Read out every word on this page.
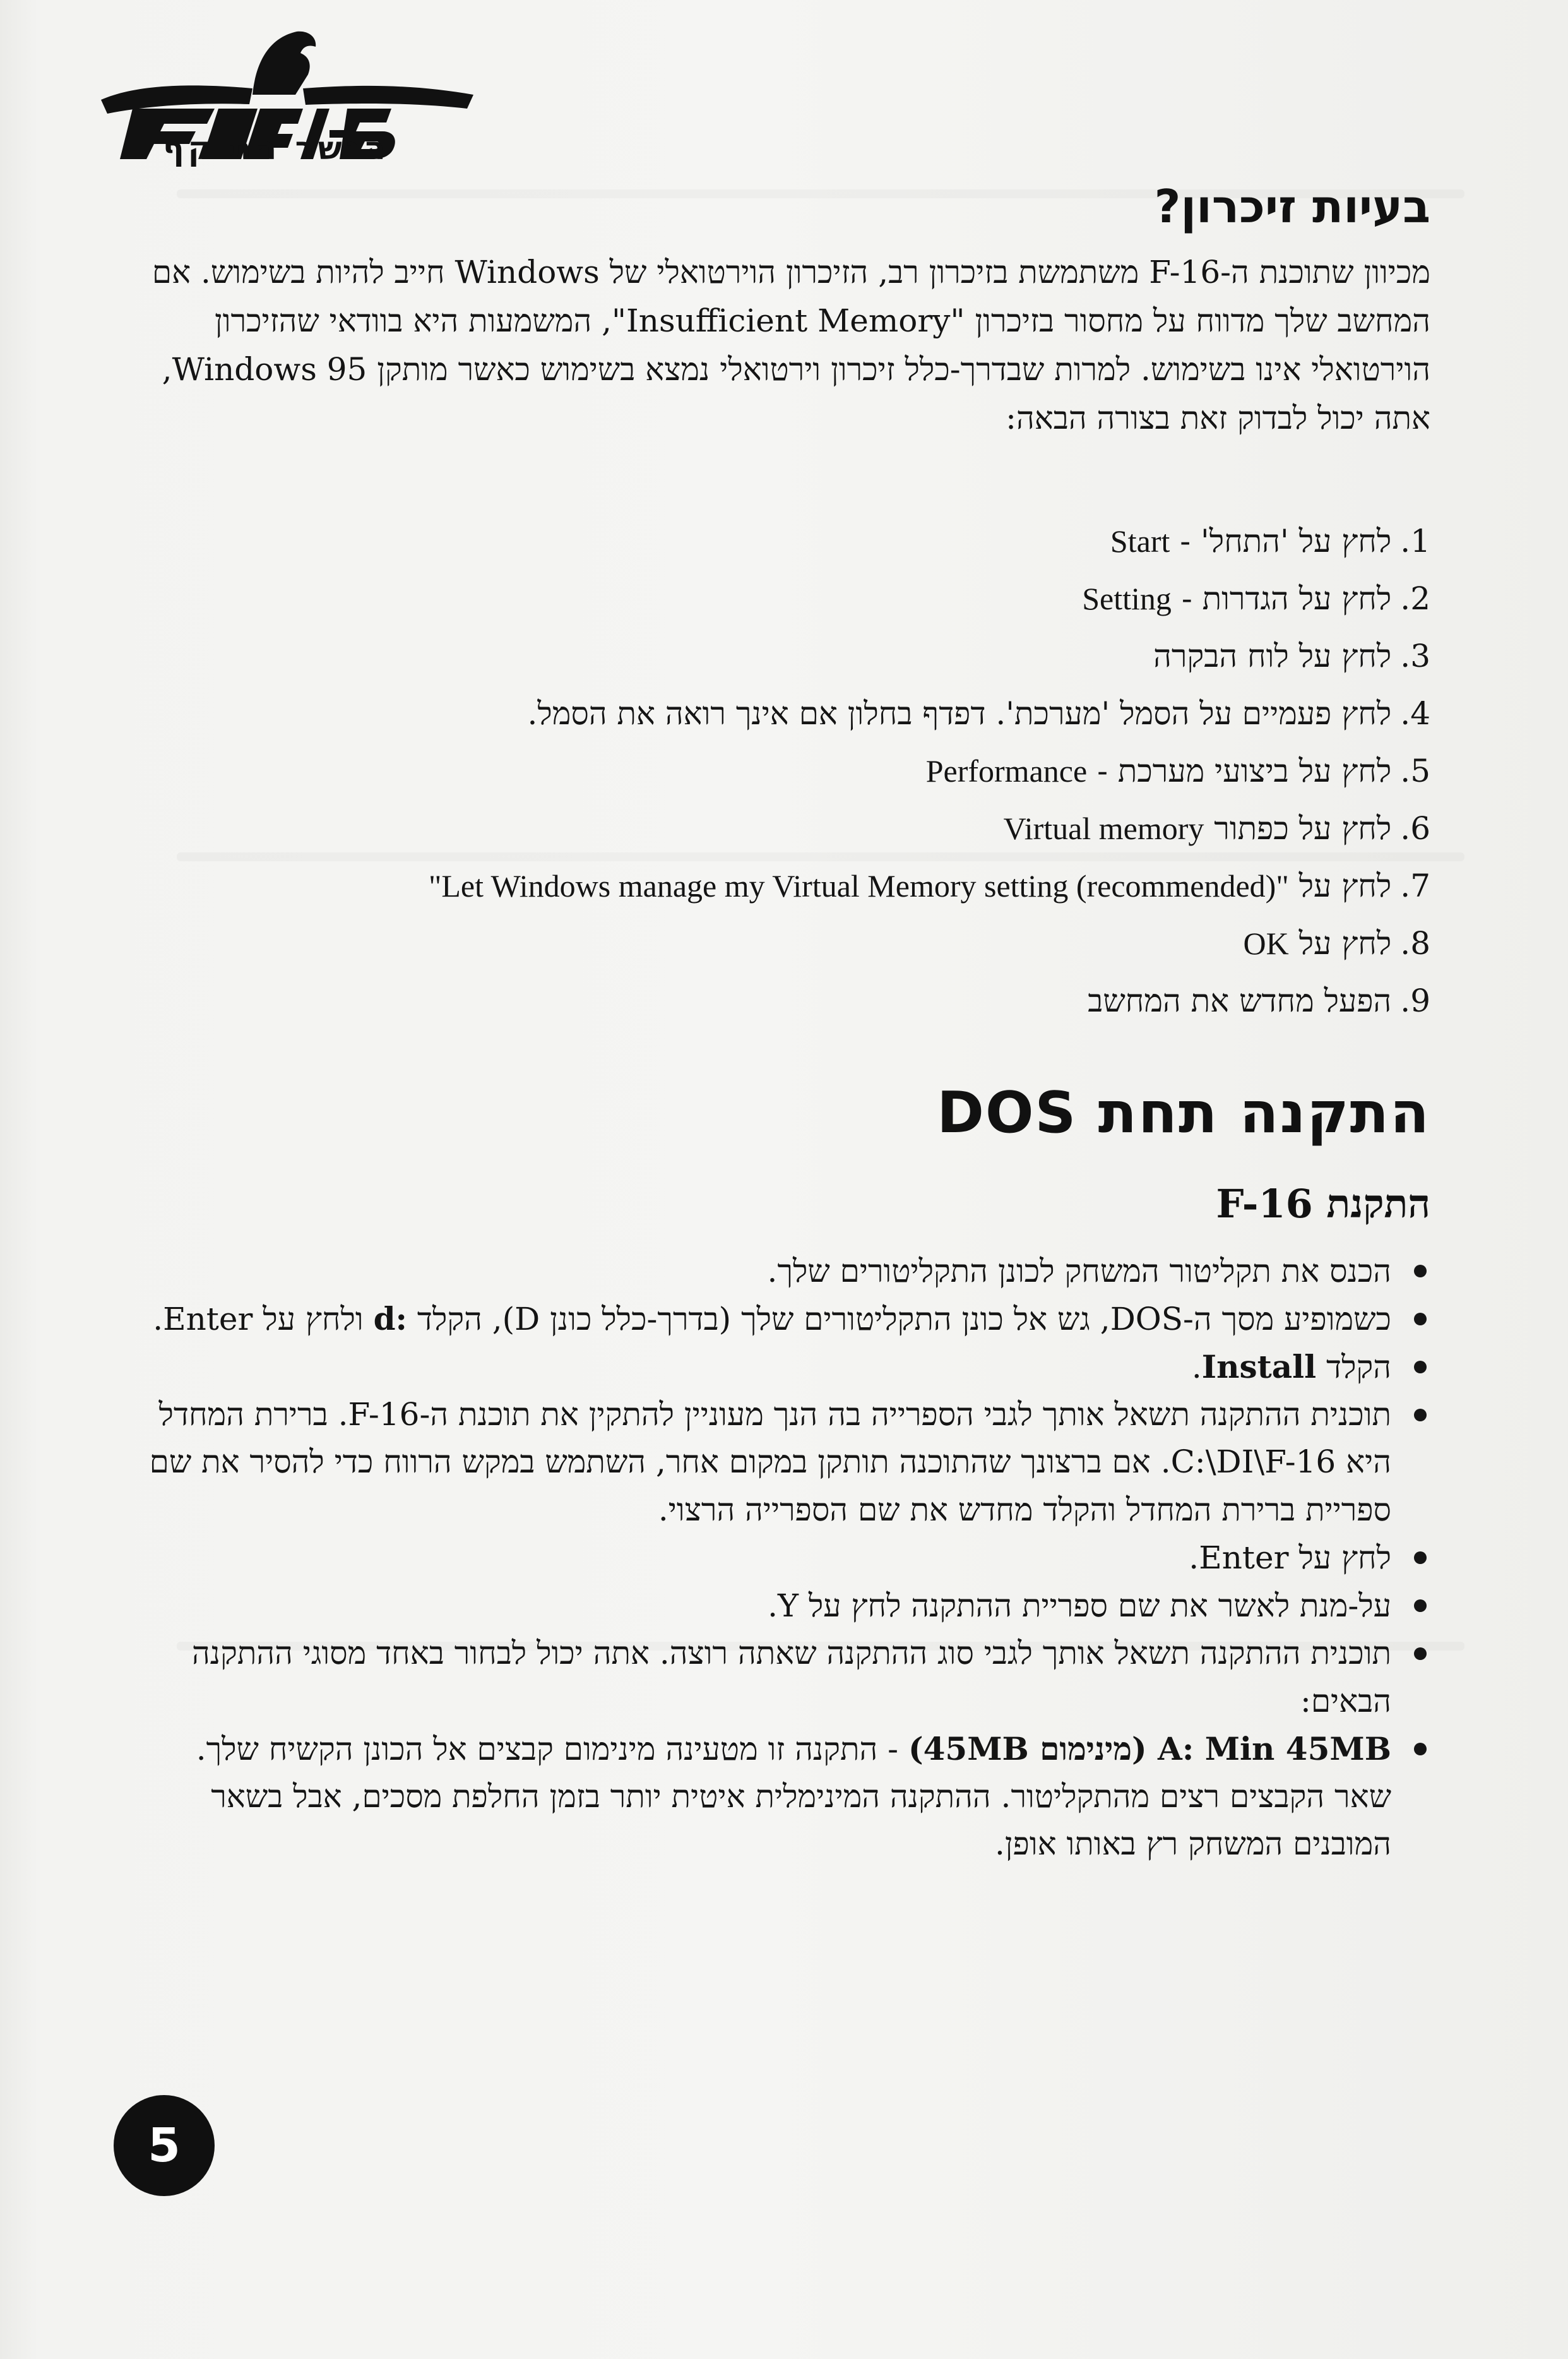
הנשר התוקף
בעיות זיכרון?
מכיוון שתוכנת ה-F-16 משתמשת בזיכרון רב, הזיכרון הוירטואלי של Windows חייב להיות בשימוש. אם המחשב שלך מדווח על מחסור בזיכרון "Insufficient Memory", המשמעות היא בוודאי שהזיכרון הוירטואלי אינו בשימוש. למרות שבדרך-כלל זיכרון וירטואלי נמצא בשימוש כאשר מותקן Windows 95, אתה יכול לבדוק זאת בצורה הבאה:
1.לחץ על 'התחל' - Start
2.לחץ על הגדרות - Setting
3.לחץ על לוח הבקרה
4.לחץ פעמיים על הסמל 'מערכת'. דפדף בחלון אם אינך רואה את הסמל.
5.לחץ על ביצועי מערכת - Performance
6.לחץ על כפתור Virtual memory
7.לחץ על "Let Windows manage my Virtual Memory setting (recommended)"
8.לחץ על OK
9.הפעל מחדש את המחשב
התקנה תחת DOS
התקנת F-16
הכנס את תקליטור המשחק לכונן התקליטורים שלך.
כשמופיע מסך ה-DOS, גש אל כונן התקליטורים שלך (בדרך-כלל כונן D), הקלד :d ולחץ על Enter.
הקלד Install.
תוכנית ההתקנה תשאל אותך לגבי הספרייה בה הנך מעוניין להתקין את תוכנת ה-F-16. ברירת המחדל היא C:\DI\F-16. אם ברצונך שהתוכנה תותקן במקום אחר, השתמש במקש הרווח כדי להסיר את שם ספריית ברירת המחדל והקלד מחדש את שם הספרייה הרצוי.
לחץ על Enter.
על-מנת לאשר את שם ספריית ההתקנה לחץ על Y.
תוכנית ההתקנה תשאל אותך לגבי סוג ההתקנה שאתה רוצה. אתה יכול לבחור באחד מסוגי ההתקנה הבאים:
A: Min 45MB (מינימום 45MB) - התקנה זו מטעינה מינימום קבצים אל הכונן הקשיח שלך. שאר הקבצים רצים מהתקליטור. ההתקנה המינימלית איטית יותר בזמן החלפת מסכים, אבל בשאר המובנים המשחק רץ באותו אופן.
5
